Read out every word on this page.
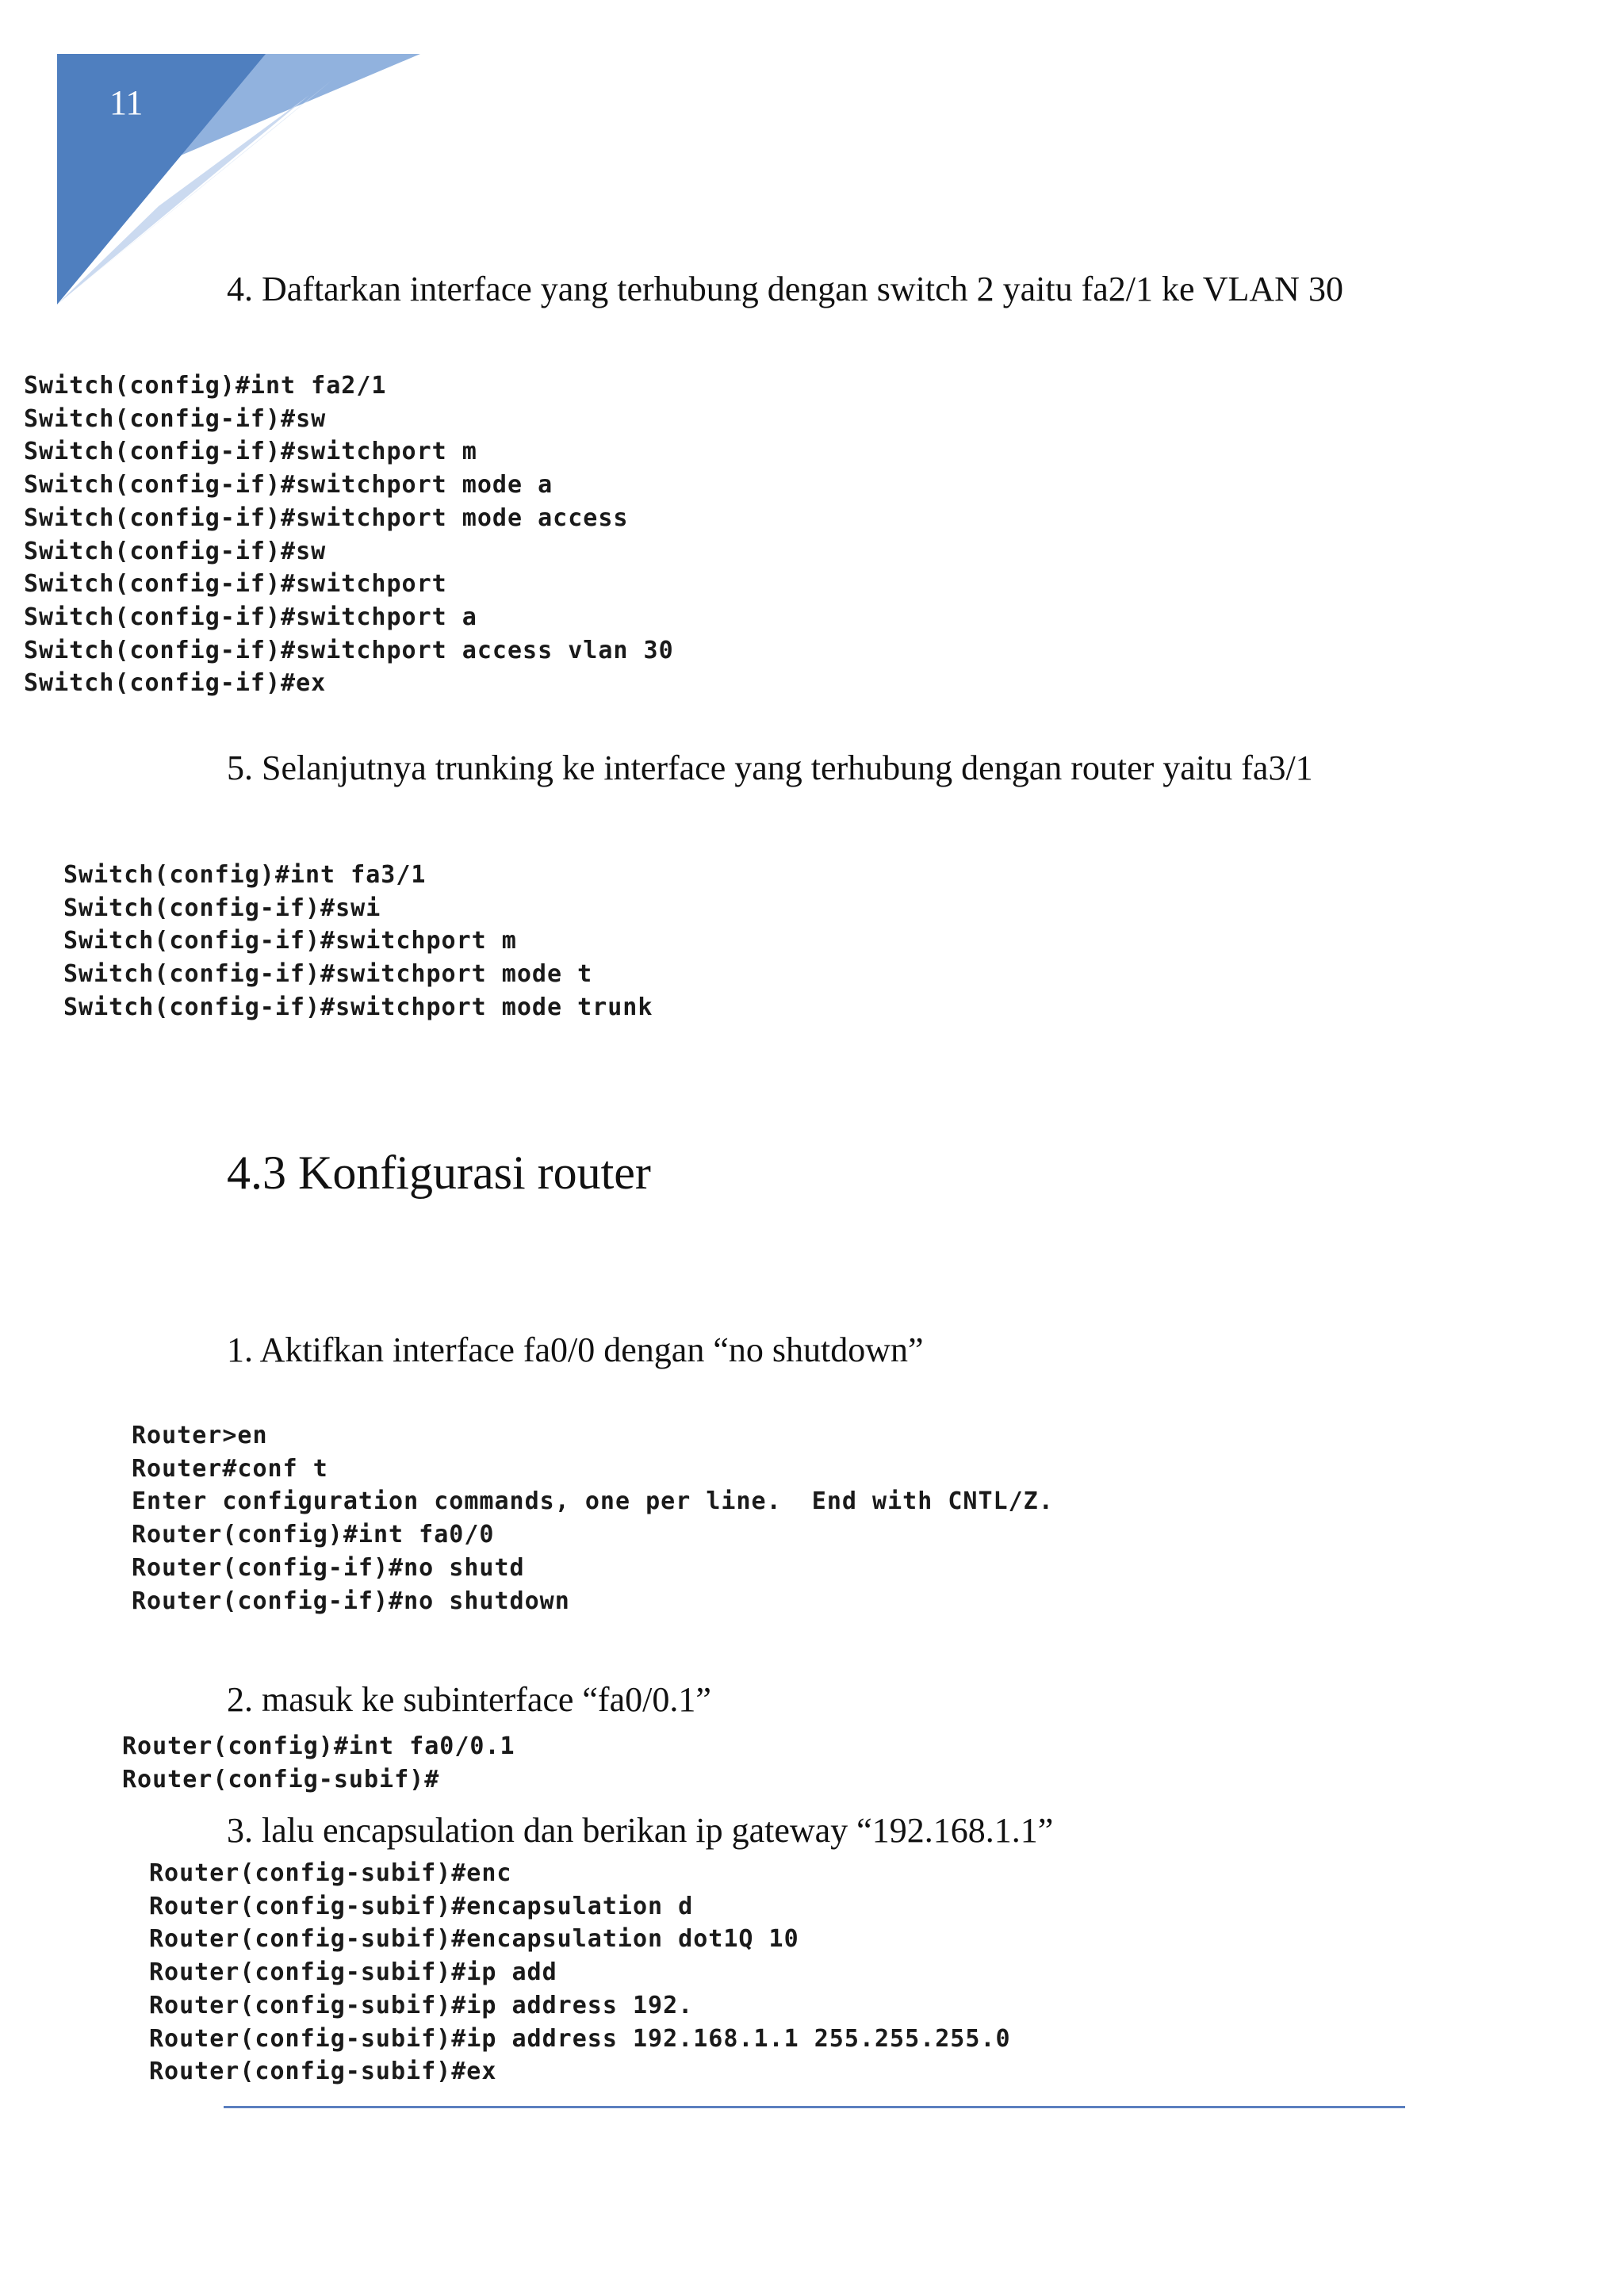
11
4. Daftarkan interface yang terhubung dengan switch 2 yaitu fa2/1 ke VLAN 30
Switch(config)#int fa2/1
Switch(config-if)#sw
Switch(config-if)#switchport m
Switch(config-if)#switchport mode a
Switch(config-if)#switchport mode access
Switch(config-if)#sw
Switch(config-if)#switchport
Switch(config-if)#switchport a
Switch(config-if)#switchport access vlan 30
Switch(config-if)#ex
5. Selanjutnya trunking ke interface yang terhubung dengan router yaitu fa3/1
Switch(config)#int fa3/1
Switch(config-if)#swi
Switch(config-if)#switchport m
Switch(config-if)#switchport mode t
Switch(config-if)#switchport mode trunk
4.3 Konfigurasi router
1. Aktifkan interface fa0/0 dengan “no shutdown”
Router>en
Router#conf t
Enter configuration commands, one per line.  End with CNTL/Z.
Router(config)#int fa0/0
Router(config-if)#no shutd
Router(config-if)#no shutdown
2. masuk ke subinterface “fa0/0.1”
Router(config)#int fa0/0.1
Router(config-subif)#
3. lalu encapsulation dan berikan ip gateway “192.168.1.1”
Router(config-subif)#enc
Router(config-subif)#encapsulation d
Router(config-subif)#encapsulation dot1Q 10
Router(config-subif)#ip add
Router(config-subif)#ip address 192.
Router(config-subif)#ip address 192.168.1.1 255.255.255.0
Router(config-subif)#ex
